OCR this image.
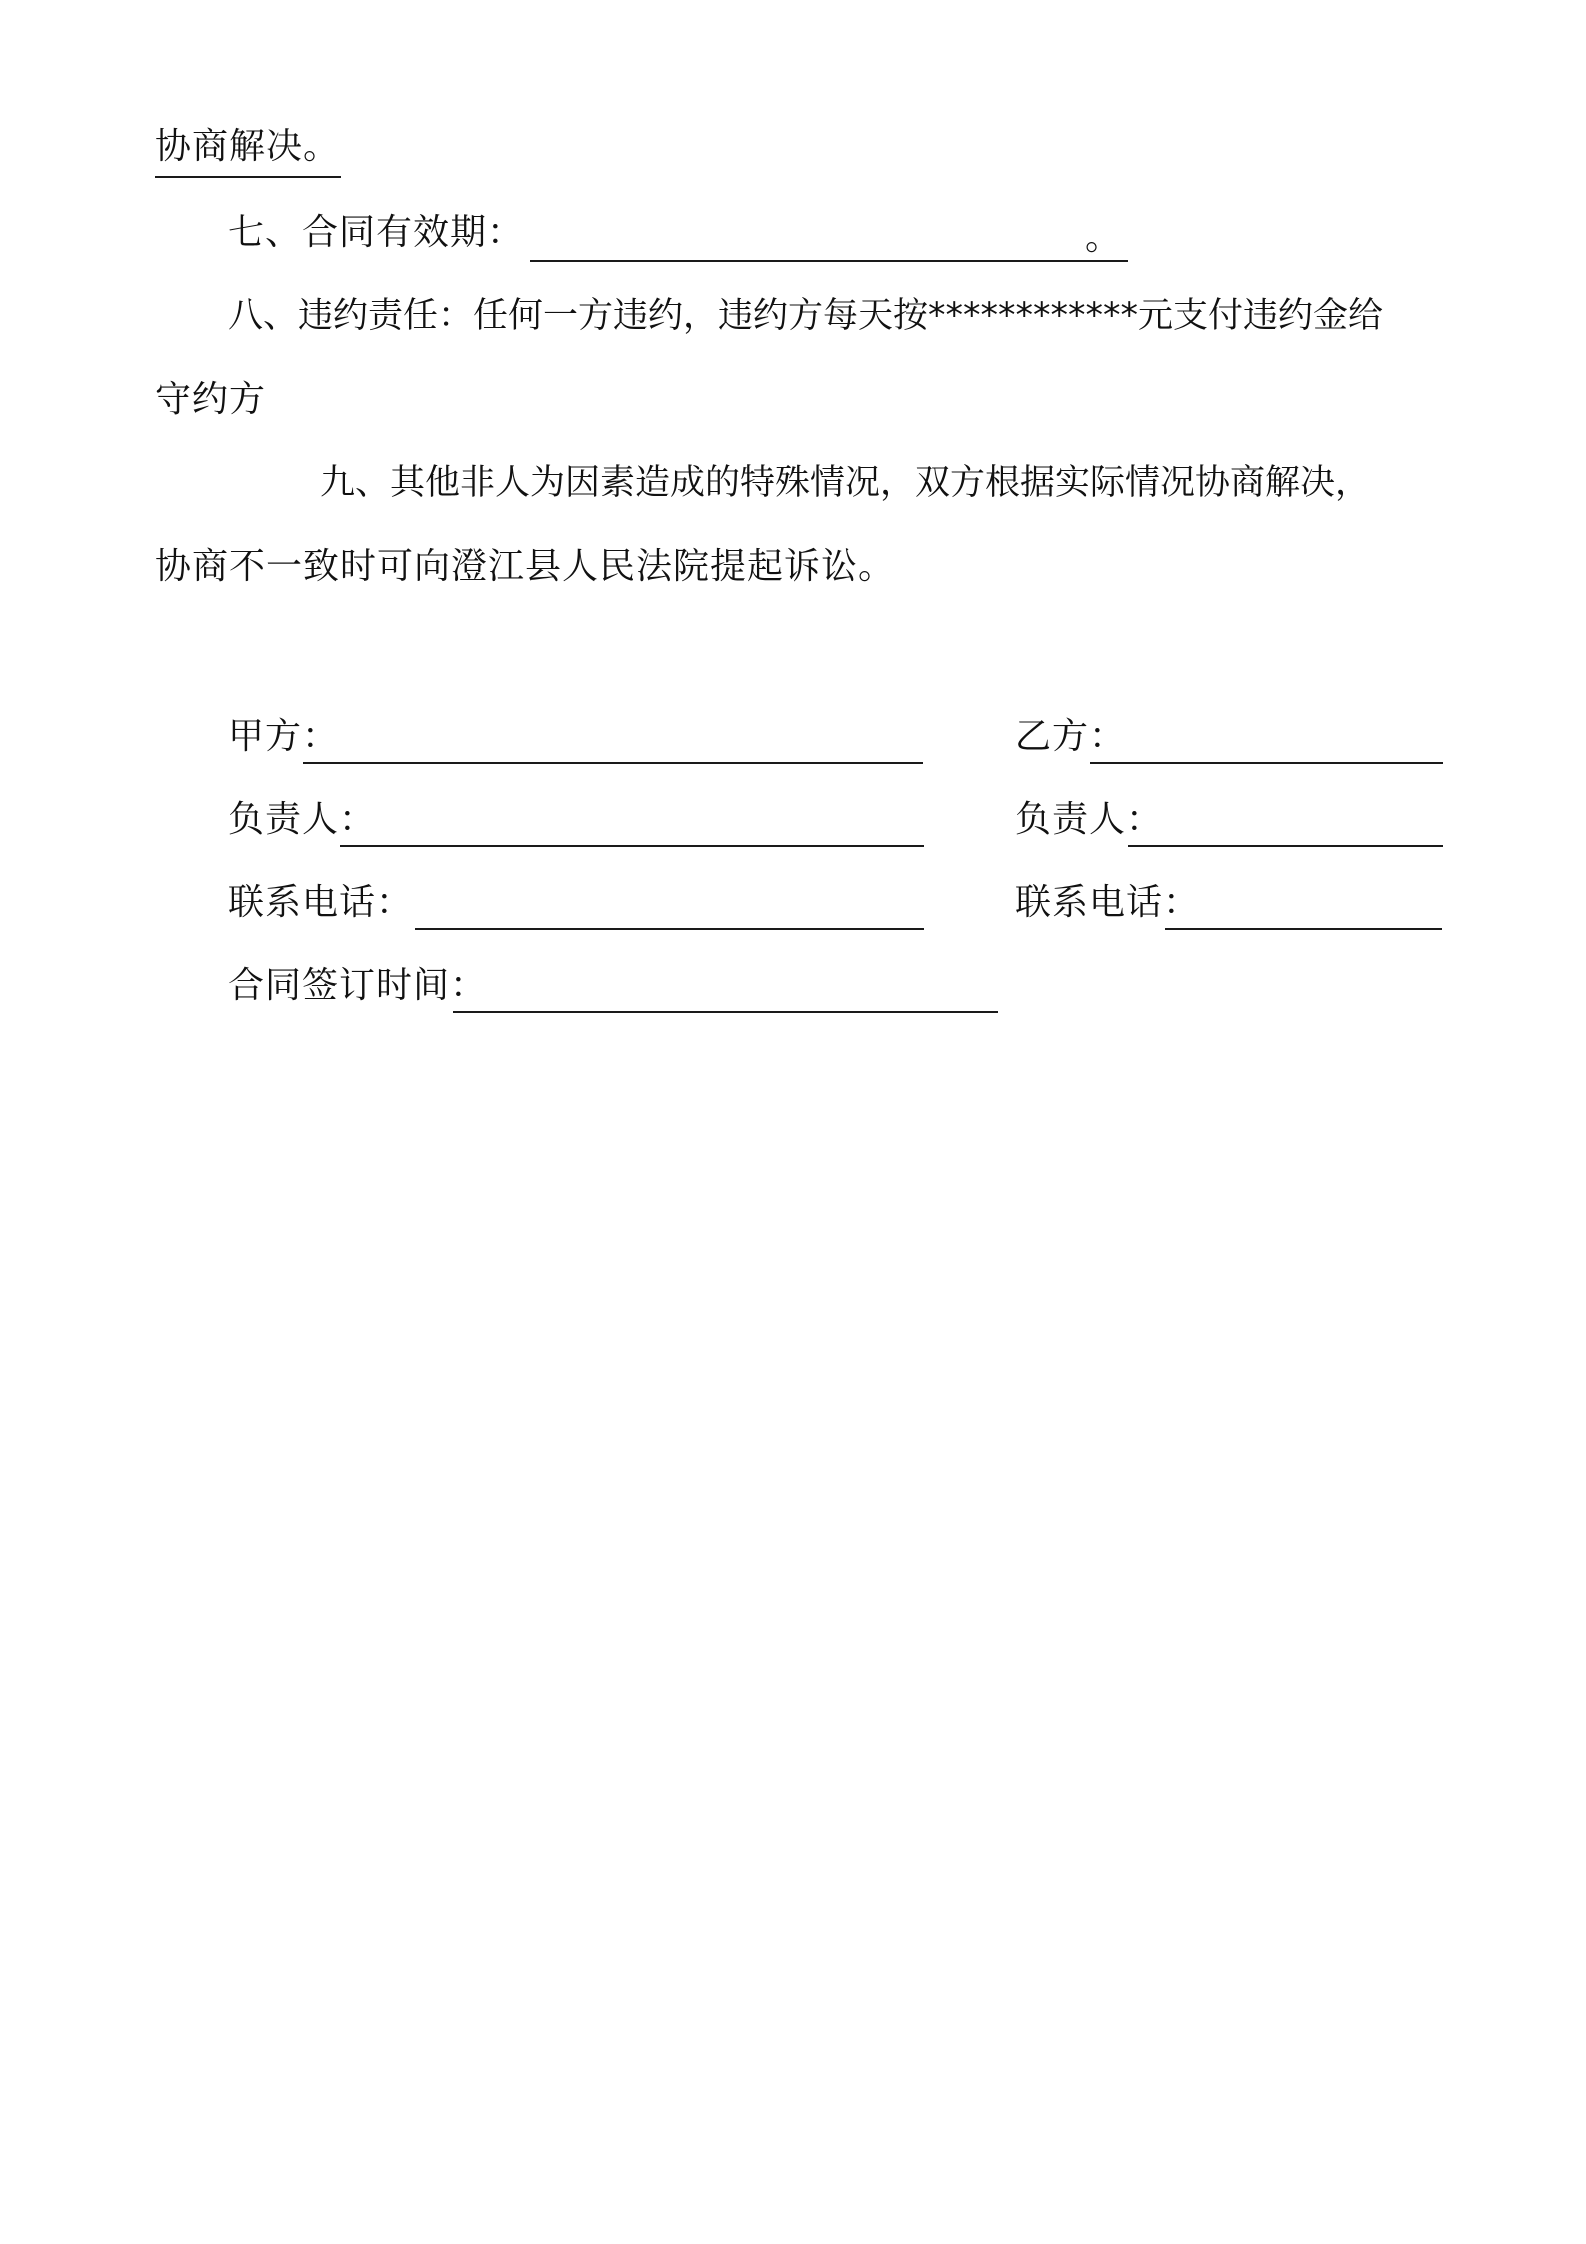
协商解决。
七、合同有效期：	。
八、违约责任：任何一方违约，违约方每天按************元支付违约金给
守约方
九、其他非人为因素造成的特殊情况，双方根据实际情况协商解决，
协商不一致时可向澄江县人民法院提起诉讼。
甲方：
负责人：
联系电话：
乙方：
负责人：
联系电话：
合同签订时间：
